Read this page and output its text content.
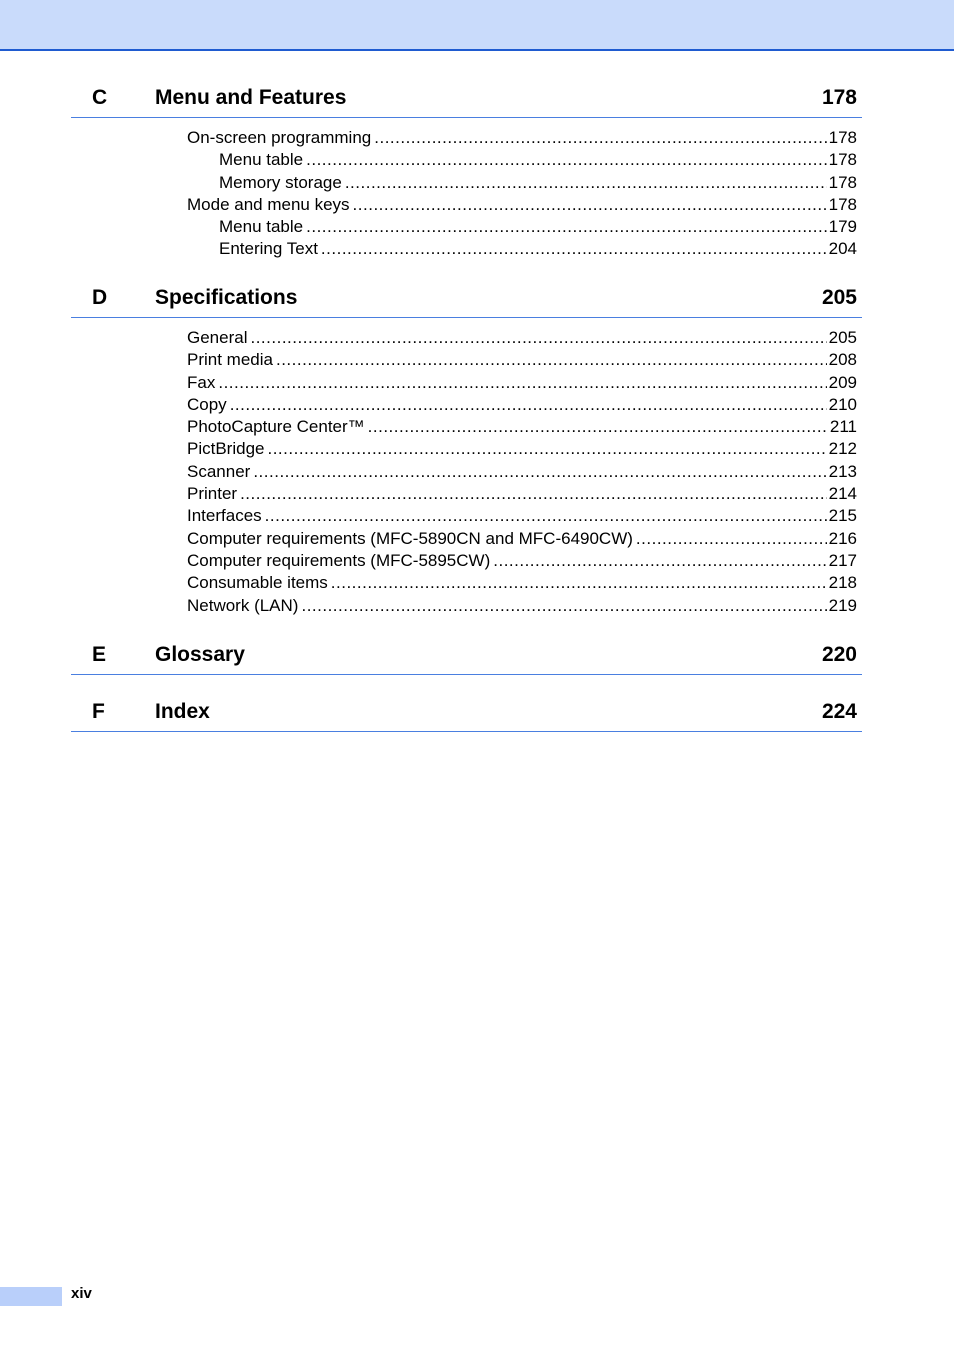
C Menu and Features	178
On-screen programming .....	178
Menu table .....	178
Memory storage .....	178
Mode and menu keys .....	178
Menu table .....	179
Entering Text .....	204
D Specifications	205
General .....	205
Print media .....	208
Fax .....	209
Copy .....	210
PhotoCapture Center™ .....	211
PictBridge .....	212
Scanner .....	213
Printer .....	214
Interfaces .....	215
Computer requirements (MFC-5890CN and MFC-6490CW) .....	216
Computer requirements (MFC-5895CW) .....	217
Consumable items .....	218
Network (LAN) .....	219
E Glossary	220
F Index	224
xiv
